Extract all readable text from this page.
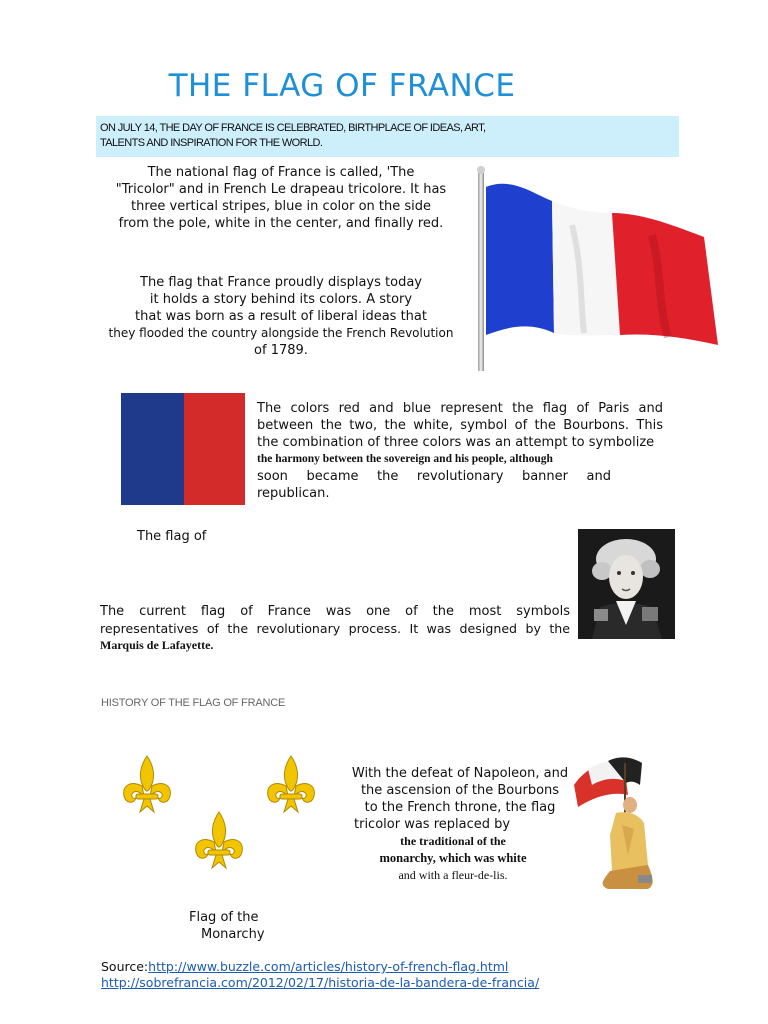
THE FLAG OF FRANCE

ON JULY 14, THE DAY OF FRANCE IS CELEBRATED, BIRTHPLACE OF IDEAS, ART,
TALENTS AND INSPIRATION FOR THE WORLD.

The national flag of France is called, 'The

"Tricolor" and in French Le drapeau tricolore. It has

three vertical stripes, blue in color on the side

from the pole, white in the center, and finally red.

The flag that France proudly displays today

it holds a story behind its colors. A story

that was born as a result of liberal ideas that

they flooded the country alongside the French Revolution

of 1789.

The colors red and blue represent the flag of Paris and

between the two, the white, symbol of the Bourbons. This

the combination of three colors was an attempt to symbolize

the harmony between the sovereign and his people, although

soon became the revolutionary banner and

republican.

The flag of

The current flag of France was one of the most symbols

representatives of the revolutionary process. It was designed by the

Marquis de Lafayette.

HISTORY OF THE FLAG OF FRANCE

With the defeat of Napoleon, and

the ascension of the Bourbons

to the French throne, the flag

tricolor was replaced by

the traditional of the

monarchy, which was white

and with a fleur-de-lis.

Flag of the

Monarchy

Source:http://www.buzzle.com/articles/history-of-french-flag.html
http://sobrefrancia.com/2012/02/17/historia-de-la-bandera-de-francia/
